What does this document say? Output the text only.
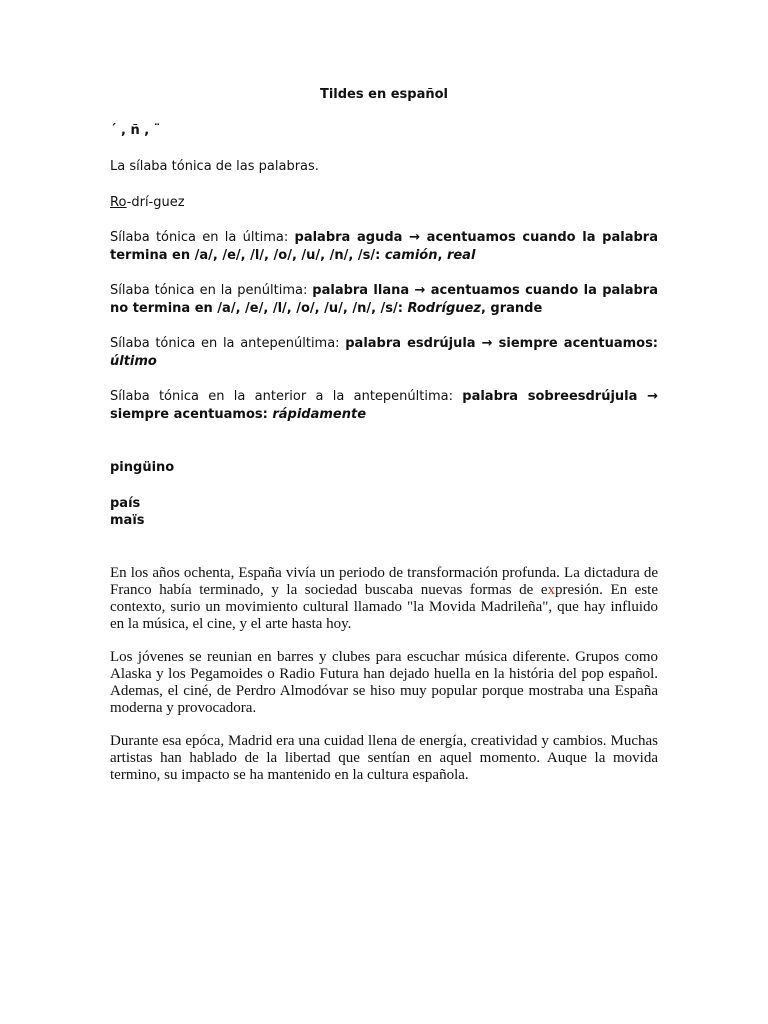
Tildes en español

´ , ñ , ¨

La sílaba tónica de las palabras.

Ro-drí-guez

Sílaba tónica en la última: palabra aguda → acentuamos cuando la palabra termina en /a/, /e/, /l/, /o/, /u/, /n/, /s/: camión, real

Sílaba tónica en la penúltima: palabra llana → acentuamos cuando la palabra no termina en /a/, /e/, /l/, /o/, /u/, /n/, /s/: Rodríguez, grande

Sílaba tónica en la antepenúltima: palabra esdrújula → siempre acentuamos: último

Sílaba tónica en la anterior a la antepenúltima: palabra sobreesdrújula → siempre acentuamos: rápidamente

pingüino

país

maïs

En los años ochenta, España vivía un periodo de transformación profunda. La dictadura de Franco había terminado, y la sociedad buscaba nuevas formas de expresión. En este contexto, surio un movimiento cultural llamado "la Movida Madrileña", que hay influido en la música, el cine, y el arte hasta hoy.

Los jóvenes se reunian en barres y clubes para escuchar música diferente. Grupos como Alaska y los Pegamoides o Radio Futura han dejado huella en la história del pop español. Ademas, el ciné, de Perdro Almodóvar se hiso muy popular porque mostraba una España moderna y provocadora.

Durante esa epóca, Madrid era una cuidad llena de energía, creatividad y cambios. Muchas artistas han hablado de la libertad que sentían en aquel momento. Auque la movida termino, su impacto se ha mantenido en la cultura española.
